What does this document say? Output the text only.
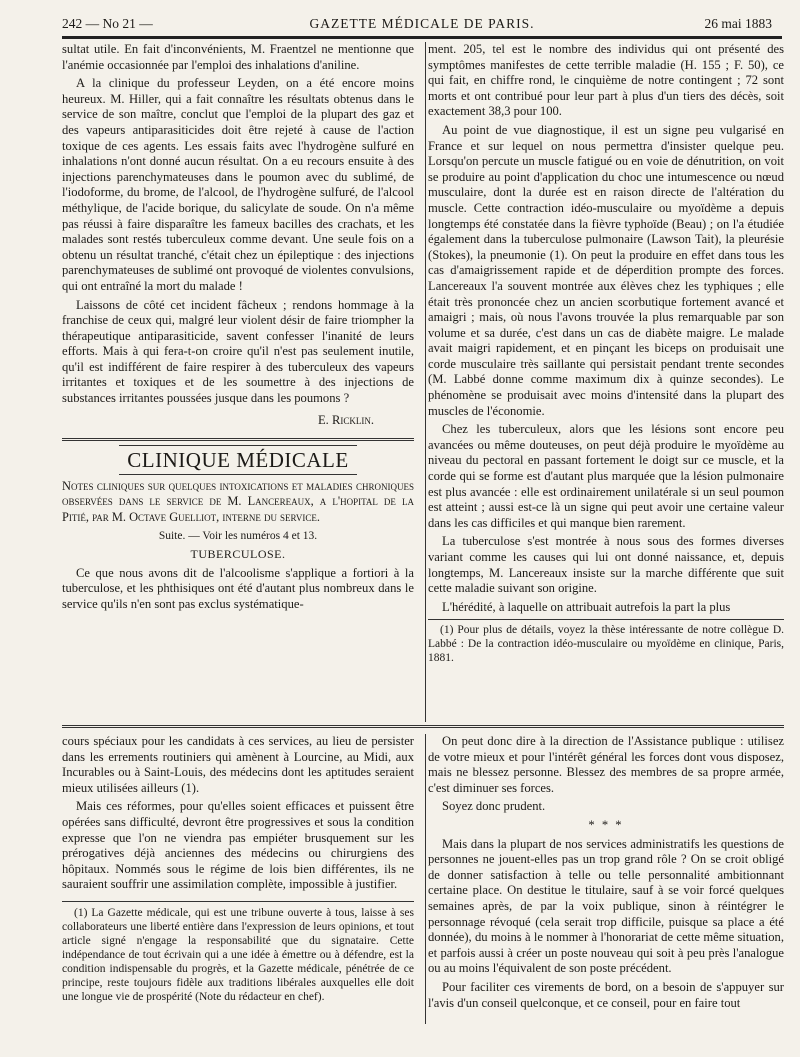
242 — No 21 —	GAZETTE MÉDICALE DE PARIS.	26 mai 1883

sultat utile. En fait d'inconvénients, M. Fraentzel ne mentionne que l'anémie occasionnée par l'emploi des inhalations d'aniline.

A la clinique du professeur Leyden, on a été encore moins heureux. M. Hiller, qui a fait connaître les résultats obtenus dans le service de son maître, conclut que l'emploi de la plupart des gaz et des vapeurs antiparasiticides doit être rejeté à cause de l'action toxique de ces agents. Les essais faits avec l'hydrogène sulfuré en inhalations n'ont donné aucun résultat. On a eu recours ensuite à des injections parenchymateuses dans le poumon avec du sublimé, de l'iodoforme, du brome, de l'alcool, de l'hydrogène sulfuré, de l'alcool méthylique, de l'acide borique, du salicylate de soude. On n'a même pas réussi à faire disparaître les fameux bacilles des crachats, et les malades sont restés tuberculeux comme devant. Une seule fois on a obtenu un résultat tranché, c'était chez un épileptique : des injections parenchymateuses de sublimé ont provoqué de violentes convulsions, qui ont entraîné la mort du malade !

Laissons de côté cet incident fâcheux ; rendons hommage à la franchise de ceux qui, malgré leur violent désir de faire triompher la thérapeutique antiparasiticide, savent confesser l'inanité de leurs efforts. Mais à qui fera-t-on croire qu'il n'est pas seulement inutile, qu'il est indifférent de faire respirer à des tuberculeux des vapeurs irritantes et toxiques et de les soumettre à des injections de substances irritantes poussées jusque dans les poumons ?

E. Ricklin.
CLINIQUE MÉDICALE

Notes cliniques sur quelques intoxications et maladies chroniques observées dans le service de M. Lancereaux, a l'hopital de la Pitié, par M. Octave Guelliot, interne du service.

Suite. — Voir les numéros 4 et 13.

TUBERCULOSE.

Ce que nous avons dit de l'alcoolisme s'applique a fortiori à la tuberculose, et les phthisiques ont été d'autant plus nombreux dans le service qu'ils n'en sont pas exclus systématique-

ment. 205, tel est le nombre des individus qui ont présenté des symptômes manifestes de cette terrible maladie (H. 155 ; F. 50), ce qui fait, en chiffre rond, le cinquième de notre contingent ; 72 sont morts et ont contribué pour leur part à plus d'un tiers des décès, soit exactement 38,3 pour 100.

Au point de vue diagnostique, il est un signe peu vulgarisé en France et sur lequel on nous permettra d'insister quelque peu. Lorsqu'on percute un muscle fatigué ou en voie de dénutrition, on voit se produire au point d'application du choc une intumescence ou nœud musculaire, dont la durée est en raison directe de l'altération du muscle. Cette contraction idéo-musculaire ou myoïdème a depuis longtemps été constatée dans la fièvre typhoïde (Beau) ; on l'a étudiée également dans la tuberculose pulmonaire (Lawson Tait), la pleurésie (Stokes), la pneumonie (1). On peut la produire en effet dans tous les cas d'amaigrissement rapide et de déperdition prompte des forces. Lancereaux l'a souvent montrée aux élèves chez les typhiques ; elle était très prononcée chez un ancien scorbutique fortement avancé et amaigri ; mais, où nous l'avons trouvée la plus remarquable par son volume et sa durée, c'est dans un cas de diabète maigre. Le malade avait maigri rapidement, et en pinçant les biceps on produisait une corde musculaire très saillante qui persistait pendant trente secondes (M. Labbé donne comme maximum dix à quinze secondes). Le phénomène se produisait avec moins d'intensité dans la plupart des muscles de l'économie.

Chez les tuberculeux, alors que les lésions sont encore peu avancées ou même douteuses, on peut déjà produire le myoïdème au niveau du pectoral en passant fortement le doigt sur ce muscle, et la corde qui se forme est d'autant plus marquée que la lésion pulmonaire est plus avancée : elle est ordinairement unilatérale si un seul poumon est atteint ; aussi est-ce là un signe qui peut avoir une certaine valeur dans les cas difficiles et qui manque bien rarement.

La tuberculose s'est montrée à nous sous des formes diverses variant comme les causes qui lui ont donné naissance, et, depuis longtemps, M. Lancereaux insiste sur la marche différente que suit cette maladie suivant son origine.

L'hérédité, à laquelle on attribuait autrefois la part la plus

(1) Pour plus de détails, voyez la thèse intéressante de notre collègue D. Labbé : De la contraction idéo-musculaire ou myoïdème en clinique, Paris, 1881.

cours spéciaux pour les candidats à ces services, au lieu de persister dans les errements routiniers qui amènent à Lourcine, au Midi, aux Incurables ou à Saint-Louis, des médecins dont les aptitudes seraient mieux utilisées ailleurs (1).

Mais ces réformes, pour qu'elles soient efficaces et puissent être opérées sans difficulté, devront être progressives et sous la condition expresse que l'on ne viendra pas empiéter brusquement sur les prérogatives déjà anciennes des médecins ou chirurgiens des hôpitaux. Nommés sous le régime de lois bien différentes, ils ne sauraient souffrir une assimilation complète, impossible à justifier.

(1) La Gazette médicale, qui est une tribune ouverte à tous, laisse à ses collaborateurs une liberté entière dans l'expression de leurs opinions, et tout article signé n'engage la responsabilité que du signataire. Cette indépendance de tout écrivain qui a une idée à émettre ou à défendre, est la condition indispensable du progrès, et la Gazette médicale, pénétrée de ce principe, reste toujours fidèle aux traditions libérales auxquelles elle doit une longue vie de prospérité (Note du rédacteur en chef).

On peut donc dire à la direction de l'Assistance publique : utilisez de votre mieux et pour l'intérêt général les forces dont vous disposez, mais ne blessez personne. Blessez des membres de sa propre armée, c'est diminuer ses forces.

Soyez donc prudent.

* * *

Mais dans la plupart de nos services administratifs les questions de personnes ne jouent-elles pas un trop grand rôle ? On se croit obligé de donner satisfaction à telle ou telle personnalité ambitionnant certaine place. On destitue le titulaire, sauf à se voir forcé quelques semaines après, de par la voix publique, sinon à réintégrer le personnage révoqué (cela serait trop difficile, puisque sa place a été donnée), du moins à le nommer à l'honorariat de cette même situation, et parfois aussi à créer un poste nouveau qui soit à peu près l'analogue ou au moins l'équivalent de son poste précédent.

Pour faciliter ces virements de bord, on a besoin de s'appuyer sur l'avis d'un conseil quelconque, et ce conseil, pour en faire tout
